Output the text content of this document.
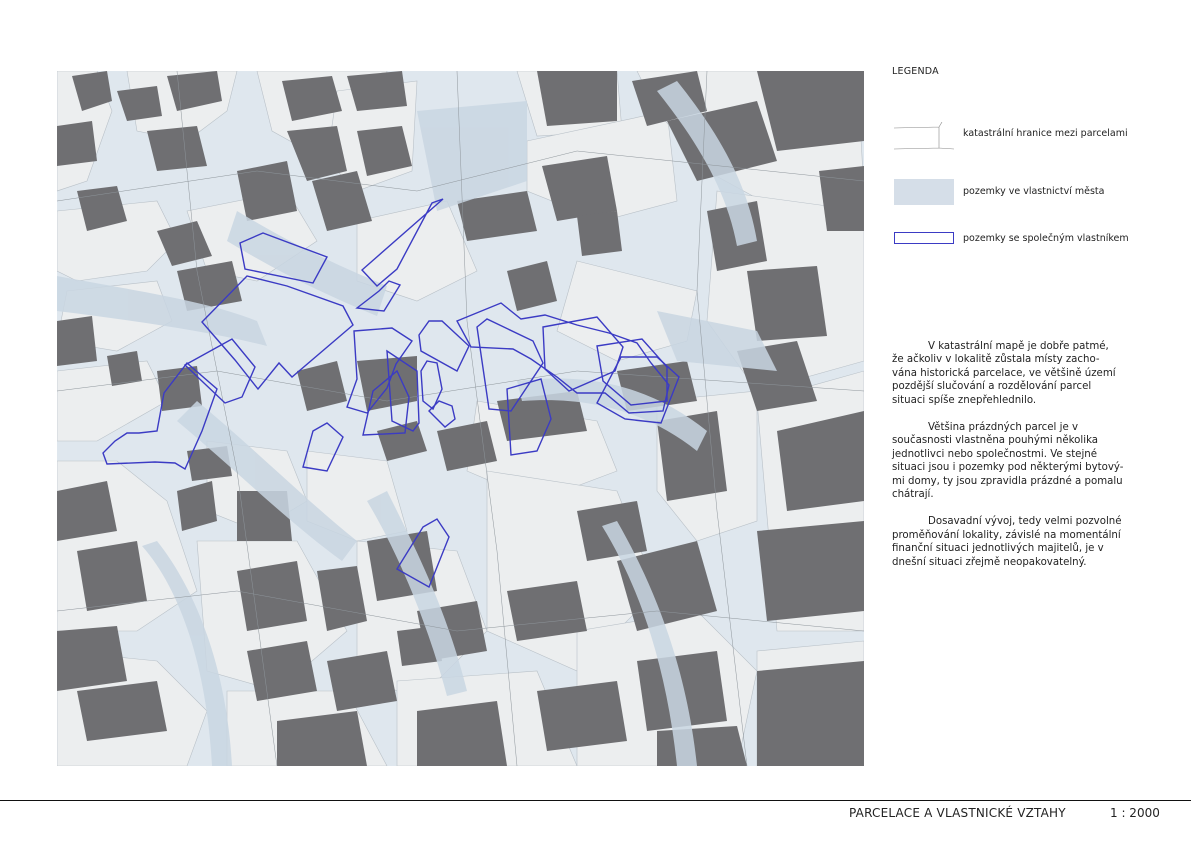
LEGENDA
katastrální hranice mezi parcelami
pozemky ve vlastnictví města
pozemky se společným vlastníkem

V katastrální mapě je dobře patmé,
že ačkoliv v lokalitě zůstala místy zacho-
vána historická parcelace, ve většině území
pozdější slučování a rozdělování parcel
situaci spíše znepřehlednilo.

Většina prázdných parcel je v
současnosti vlastněna pouhými několika
jednotlivci nebo společnostmi. Ve stejné
situaci jsou i pozemky pod některými bytový-
mi domy, ty jsou zpravidla prázdné a pomalu
chátrají.

Dosavadní vývoj, tedy velmi pozvolné
proměňování lokality, závislé na momentální
finanční situaci jednotlivých majitelů, je v
dnešní situaci zřejmě neopakovatelný.

PARCELACE A VLASTNICKÉ VZTAHY	1 : 2000
